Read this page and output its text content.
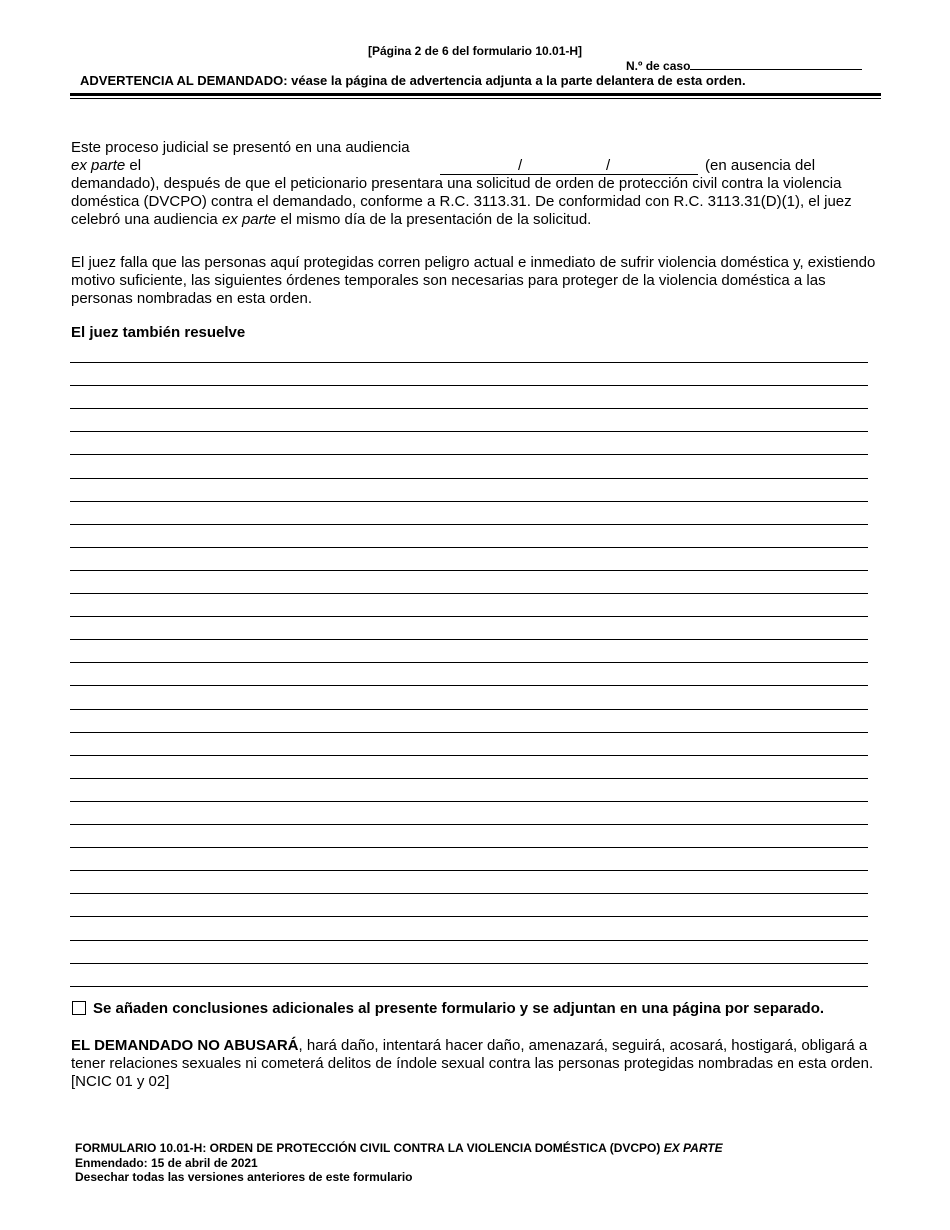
[Página 2 de 6 del formulario 10.01-H]
N.º de caso
ADVERTENCIA AL DEMANDADO: véase la página de advertencia adjunta a la parte delantera de esta orden.
Este proceso judicial se presentó en una audiencia
ex parte el	/	/	(en ausencia del
demandado), después de que el peticionario presentara una solicitud de orden de protección civil contra la violencia doméstica (DVCPO) contra el demandado, conforme a R.C. 3113.31. De conformidad con R.C. 3113.31(D)(1), el juez celebró una audiencia ex parte el mismo día de la presentación de la solicitud.
El juez falla que las personas aquí protegidas corren peligro actual e inmediato de sufrir violencia doméstica y, existiendo motivo suficiente, las siguientes órdenes temporales son necesarias para proteger de la violencia doméstica a las personas nombradas en esta orden.
El juez también resuelve
Se añaden conclusiones adicionales al presente formulario y se adjuntan en una página por separado.
EL DEMANDADO NO ABUSARÁ, hará daño, intentará hacer daño, amenazará, seguirá, acosará, hostigará, obligará a tener relaciones sexuales ni cometerá delitos de índole sexual contra las personas protegidas nombradas en esta orden. [NCIC 01 y 02]
FORMULARIO 10.01-H: ORDEN DE PROTECCIÓN CIVIL CONTRA LA VIOLENCIA DOMÉSTICA (DVCPO) EX PARTE
Enmendado: 15 de abril de 2021
Desechar todas las versiones anteriores de este formulario
